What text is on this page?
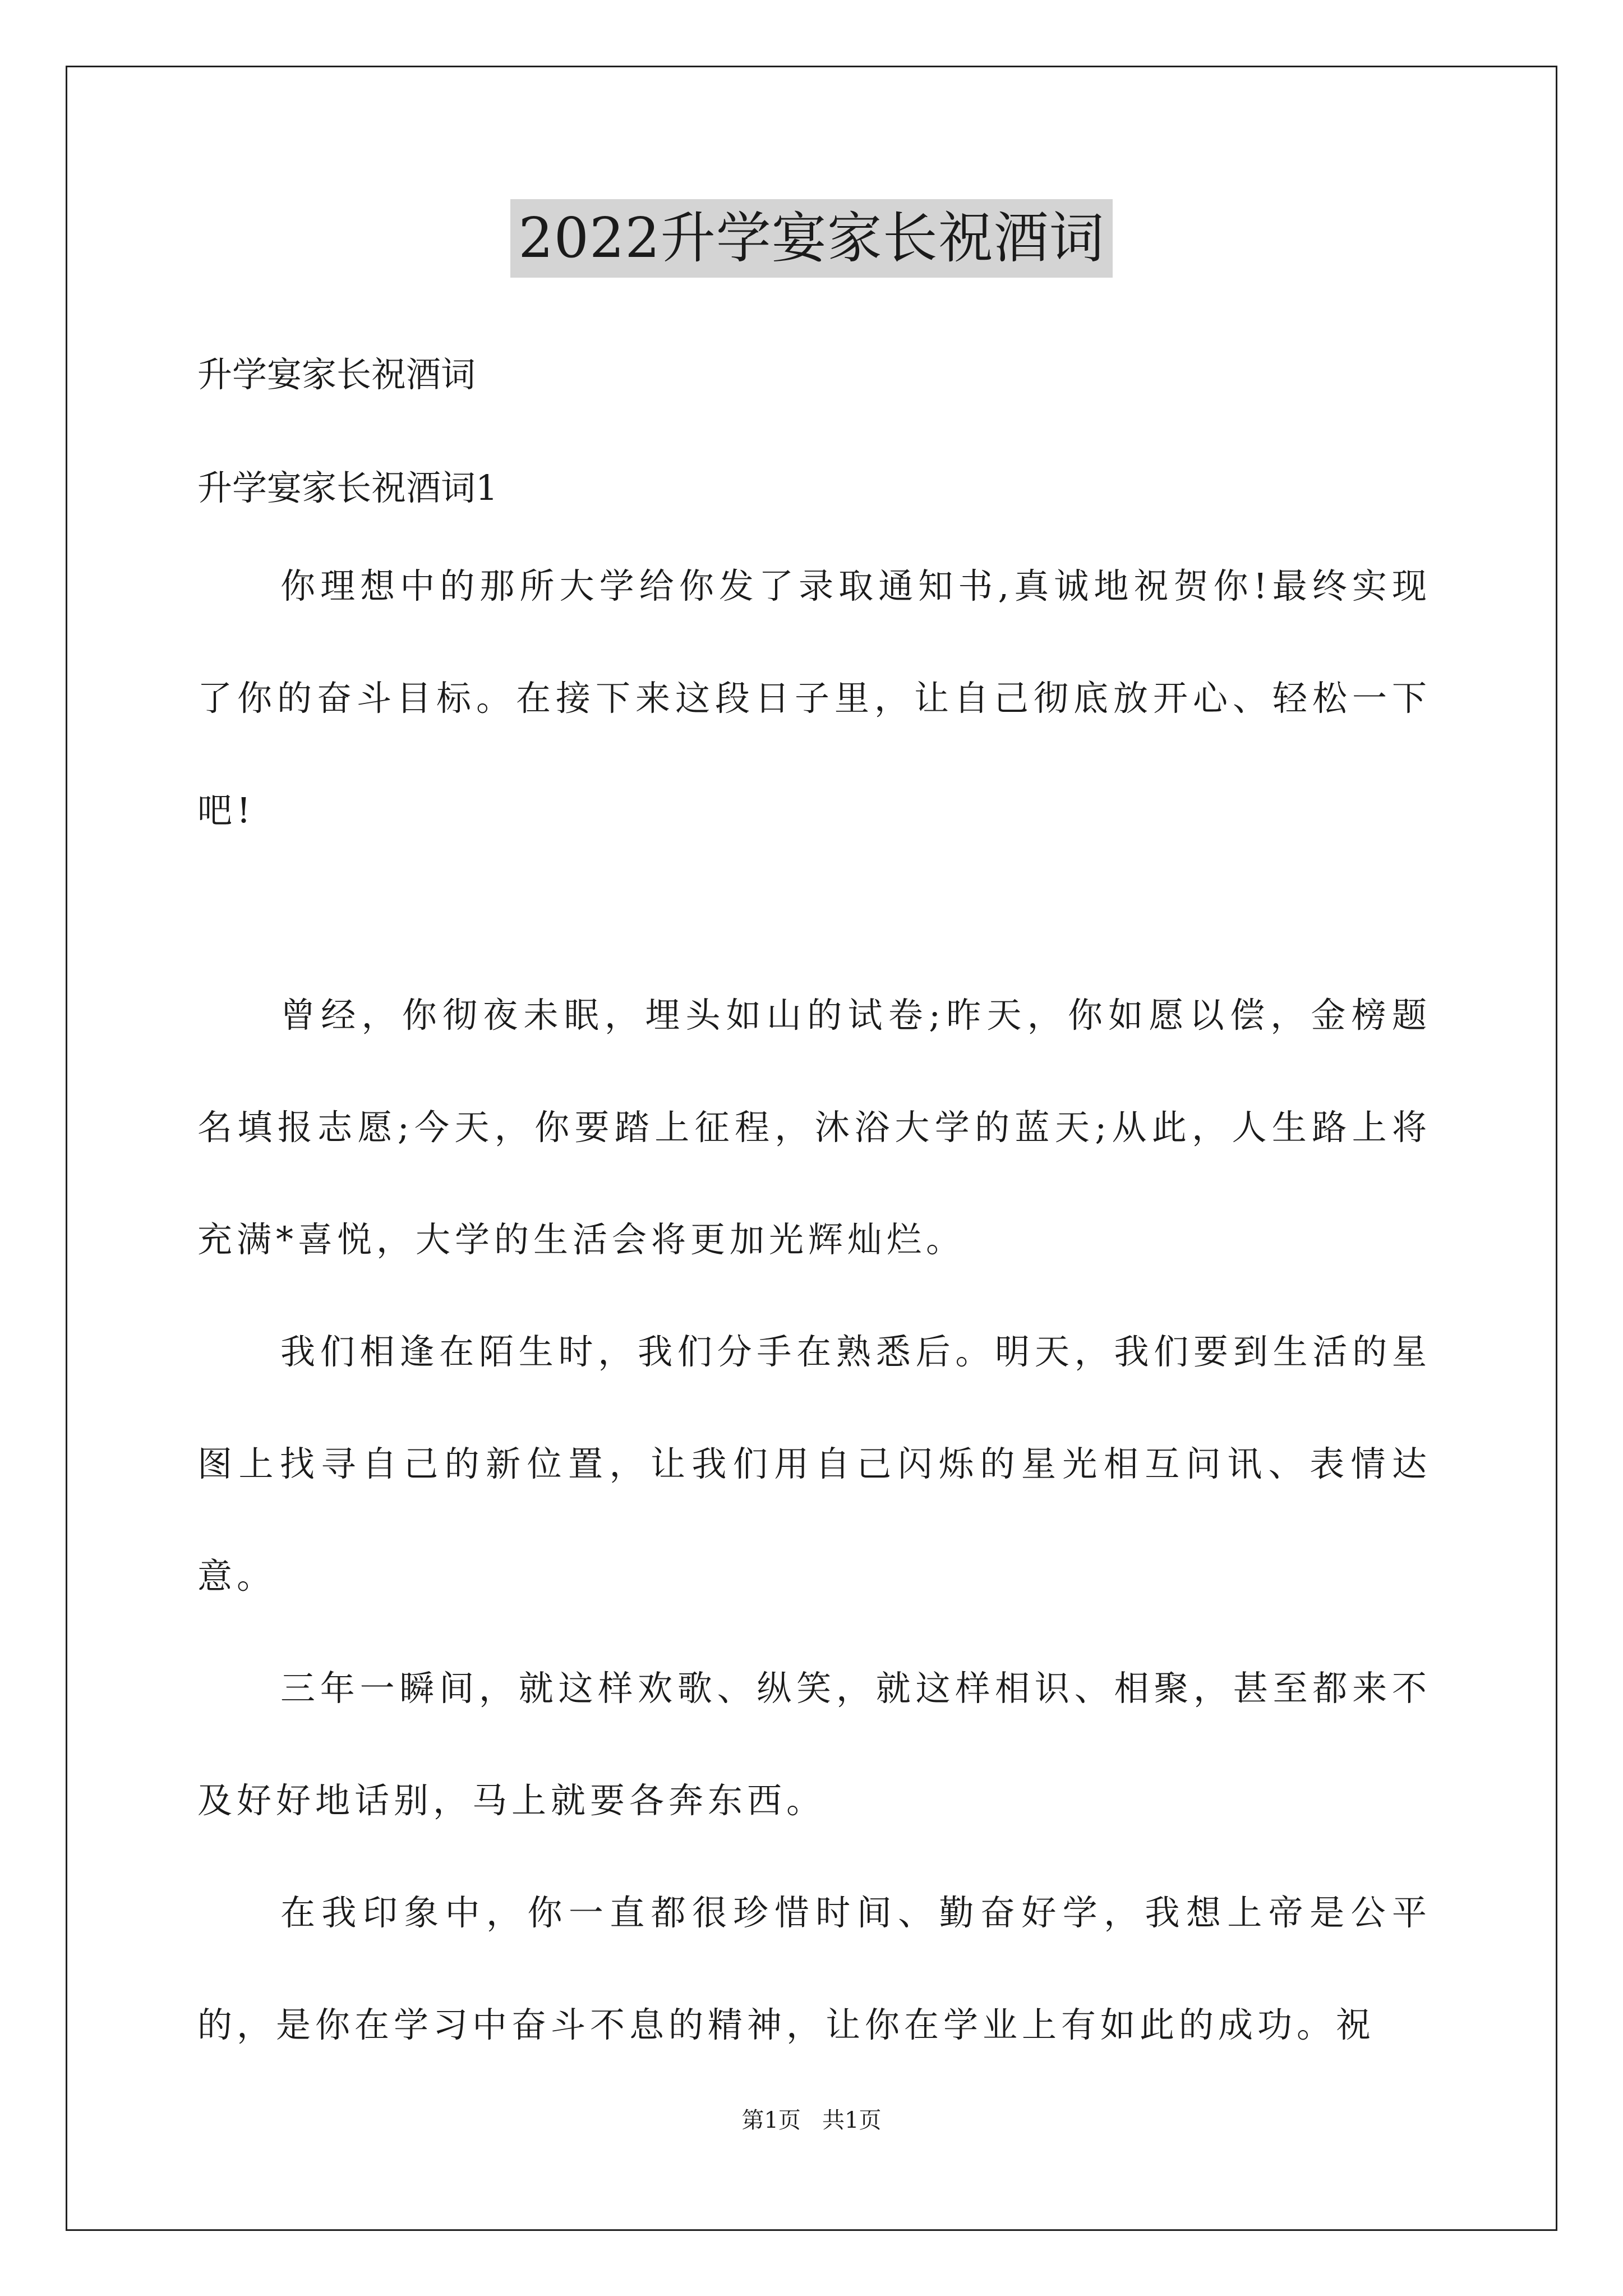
2022升学宴家长祝酒词
升学宴家长祝酒词
升学宴家长祝酒词1

你理想中的那所大学给你发了录取通知书,真诚地祝贺你!最终实现了你的奋斗目标。在接下来这段日子里，让自己彻底放开心、轻松一下吧!

曾经，你彻夜未眠，埋头如山的试卷;昨天，你如愿以偿，金榜题名填报志愿;今天，你要踏上征程，沐浴大学的蓝天;从此，人生路上将充满*喜悦，大学的生活会将更加光辉灿烂。

我们相逢在陌生时，我们分手在熟悉后。明天，我们要到生活的星图上找寻自己的新位置，让我们用自己闪烁的星光相互问讯、表情达意。

三年一瞬间，就这样欢歌、纵笑，就这样相识、相聚，甚至都来不及好好地话别，马上就要各奔东西。

在我印象中，你一直都很珍惜时间、勤奋好学，我想上帝是公平的，是你在学习中奋斗不息的精神，让你在学业上有如此的成功。祝

第1页   共1页
